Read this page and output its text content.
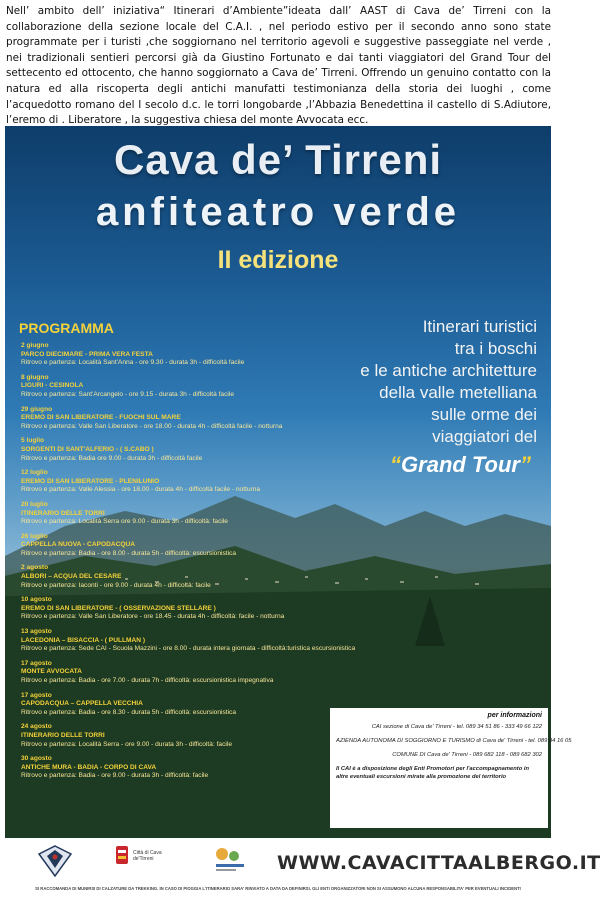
Nell’ ambito dell’ iniziativa“ Itinerari d’Ambiente”ideata dall’ AAST di Cava de’ Tirreni con la collaborazione della sezione locale del C.A.I. , nel periodo estivo per il secondo anno sono state programmate per i turisti ,che soggiornano nel territorio agevoli e suggestive passeggiate nel verde , nei tradizionali sentieri percorsi già da Giustino Fortunato e dai tanti viaggiatori del Grand Tour del settecento ed ottocento, che hanno soggiornato a Cava de’ Tirreni. Offrendo un genuino contatto con la natura ed alla riscoperta degli antichi manufatti testimonianza della storia dei luoghi , come l’acquedotto romano del I secolo d.c. le torri longobarde ,l’Abbazia Benedettina il castello di S.Adiutore, l’eremo di . Liberatore , la suggestiva chiesa del monte Avvocata ecc.
Cava de’ Tirreni
anfiteatro verde
II edizione
PROGRAMMA	Itinerari turistici
tra i boschi
e le antiche architetture
della valle metelliana
sulle orme dei
viaggiatori del
“Grand Tour”
2 giugno
PARCO DIECIMARE - PRIMA VERA FESTA
Ritrovo e partenza: Località Sant'Anna - ore 9.30 - durata 3h - difficoltà facile
8 giugno
LIGURI - CESINOLA
Ritrovo e partenza: Sant'Arcangelo - ore 9.15 - durata 3h - difficoltà facile
29 giugno
EREMO DI SAN LIBERATORE - FUOCHI SUL MARE
Ritrovo e partenza: Valle San Liberatore - ore 18.00 - durata 4h - difficoltà facile - notturna
5 luglio
SORGENTI DI SANT'ALFERIO - ( S.CABO )
Ritrovo e partenza: Badia ore 9.00 - durata 3h - difficoltà facile
12 luglio
EREMO DI SAN LIBERATORE - PLENILUNIO
Ritrovo e partenza: Valle Alessia - ore 18.00 - durata 4h - difficoltà facile - notturna
20 luglio
ITINERARIO DELLE TORRI
Ritrovo e partenza: Località Serra ore 9.00 - durata 3h - difficoltà: facile
26 luglio
CAPPELLA NUOVA - CAPODACQUA
Ritrovo e partenza: Badia - ore 8.00 - durata 5h - difficoltà: escursionistica
2 agosto
ALBORI – ACQUA DEL CESARE
Ritrovo e partenza: Iaconti - ore 9.00 - durata 4h - difficoltà: facile
10 agosto
EREMO DI SAN LIBERATORE - ( OSSERVAZIONE STELLARE )
Ritrovo e partenza: Valle San Liberatore - ore 18.45 - durata 4h - difficoltà: facile - notturna
13 agosto
LACEDONIA – BISACCIA - ( PULLMAN )
Ritrovo e partenza: Sede CAI - Scuola Mazzini - ore 8.00 - durata intera giornata - difficoltà:turistica escursionistica
17 agosto
MONTE AVVOCATA
Ritrovo e partenza: Badia - ore 7.00 - durata 7h - difficoltà: escursionistica impegnativa
17 agosto
CAPODACQUA – CAPPELLA VECCHIA
Ritrovo e partenza: Badia - ore 8.30 - durata 5h - difficoltà: escursionistica
24 agosto
ITINERARIO DELLE TORRI
Ritrovo e partenza: Località Serra - ore 9.00 - durata 3h - difficoltà: facile
30 agosto
ANTICHE MURA - BADIA - CORPO DI CAVA
Ritrovo e partenza: Badia - ore 9.00 - durata 3h - difficoltà: facile
per informazioni
CAI sezione di Cava de' Tirreni - tel. 089 34 51 86 - 333 49 66 122
AZIENDA AUTONOMA DI SOGGIORNO E TURISMO di Cava de' Tirreni - tel. 089 34 16 05
COMUNE DI Cava de' Tirreni - 089 682 118 - 089 682 302
Il CAI è a disposizione degli Enti Promotori per l'accompagnamento in altre eventuali escursioni mirate alla promozione del territorio
Città di Cava de'Tirreni	WWW.CAVACITTAALBERGO.IT
SI RACCOMANDA DI MUNIRSI DI CALZATURE DA TREKKING. IN CASO DI PIOGGIA L'ITINERARIO SARA' RINVIATO A DATA DA DEFINIRSI. GLI ENTI ORGANIZZATORI NON SI ASSUMONO ALCUNA RESPONSABILITA' PER EVENTUALI INCIDENTI
